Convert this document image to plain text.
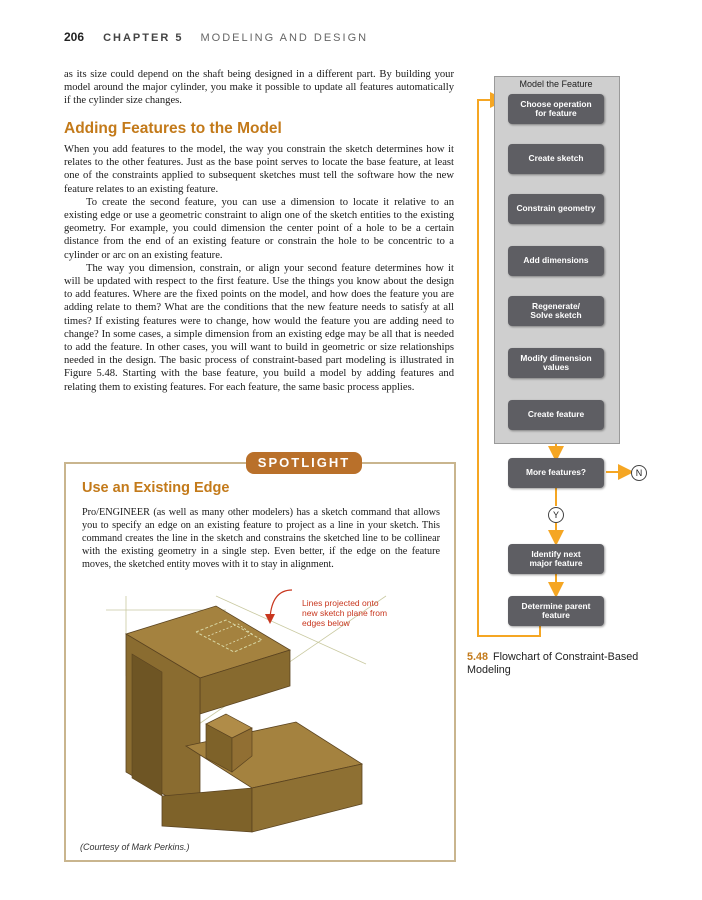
206 CHAPTER 5 MODELING AND DESIGN

as its size could depend on the shaft being designed in a different part. By building your model around the major cylinder, you make it possible to update all features automatically if the cylinder size changes.

Adding Features to the Model

When you add features to the model, the way you constrain the sketch determines how it relates to the other features. Just as the base point serves to locate the base feature, at least one of the constraints applied to subsequent sketches must tell the software how the new feature relates to an existing feature.

To create the second feature, you can use a dimension to locate it relative to an existing edge or use a geometric constraint to align one of the sketch entities to the existing geometry. For example, you could dimension the center point of a hole to be a certain distance from the end of an existing feature or constrain the hole to be concentric to a cylinder or arc on an existing feature.

The way you dimension, constrain, or align your second feature determines how it will be updated with respect to the first feature. Use the things you know about the design to add features. Where are the fixed points on the model, and how does the feature you are adding relate to them? What are the conditions that the new feature needs to satisfy at all times? If existing features were to change, how would the feature you are adding need to change? In some cases, a simple dimension from an existing edge may be all that is needed to add the feature. In other cases, you will want to build in geometric or size relationships needed in the design. The basic process of constraint-based part modeling is illustrated in Figure 5.48. Starting with the base feature, you build a model by adding features and relating them to existing features. For each feature, the same basic process applies.

Use an Existing Edge
Pro/ENGINEER (as well as many other modelers) has a sketch command that allows you to specify an edge on an existing feature to project as a line in your sketch. This command creates the line in the sketch and constrains the sketched line to be collinear with the existing geometry in a single step. Even better, if the edge on the feature moves, the sketched entity moves with it to stay in alignment.
Lines projected onto
new sketch plane from
edges below
(Courtesy of Mark Perkins.)
SPOTLIGHT
Model the Feature
Choose operation
for feature
Create sketch
Constrain geometry
Add dimensions
Regenerate/
Solve sketch
Modify dimension
values
Create feature
More features?	N
Y
Identify next
major feature
Determine parent
feature
5.48 Flowchart of Constraint-Based Modeling
